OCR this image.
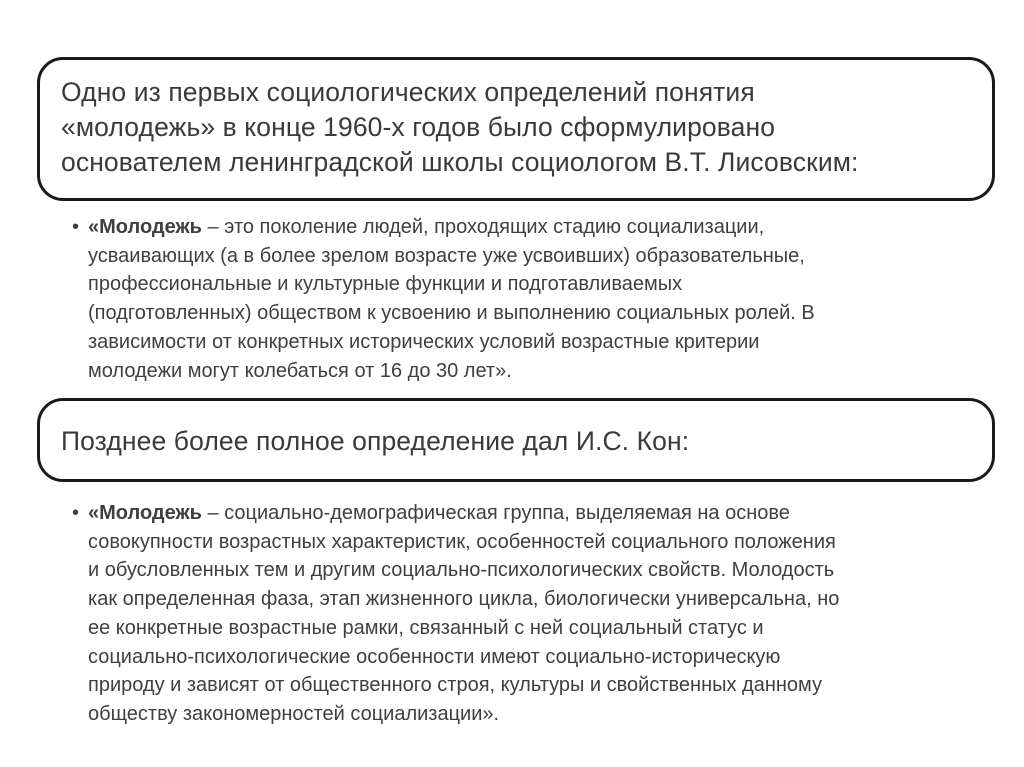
Одно из первых социологических определений понятия
«молодежь» в конце 1960-х годов было сформулировано
основателем ленинградской школы социологом В.Т. Лисовским:
• «Молодежь – это поколение людей, проходящих стадию социализации,
усваивающих (а в более зрелом возрасте уже усвоивших) образовательные,
профессиональные и культурные функции и подготавливаемых
(подготовленных) обществом к усвоению и выполнению социальных ролей. В
зависимости от конкретных исторических условий возрастные критерии
молодежи могут колебаться от 16 до 30 лет».
Позднее более полное определение дал И.С. Кон:
• «Молодежь – социально-демографическая группа, выделяемая на основе
совокупности возрастных характеристик, особенностей социального положения
и обусловленных тем и другим социально-психологических свойств. Молодость
как определенная фаза, этап жизненного цикла, биологически универсальна, но
ее конкретные возрастные рамки, связанный с ней социальный статус и
социально-психологические особенности имеют социально-историческую
природу и зависят от общественного строя, культуры и свойственных данному
обществу закономерностей социализации».
